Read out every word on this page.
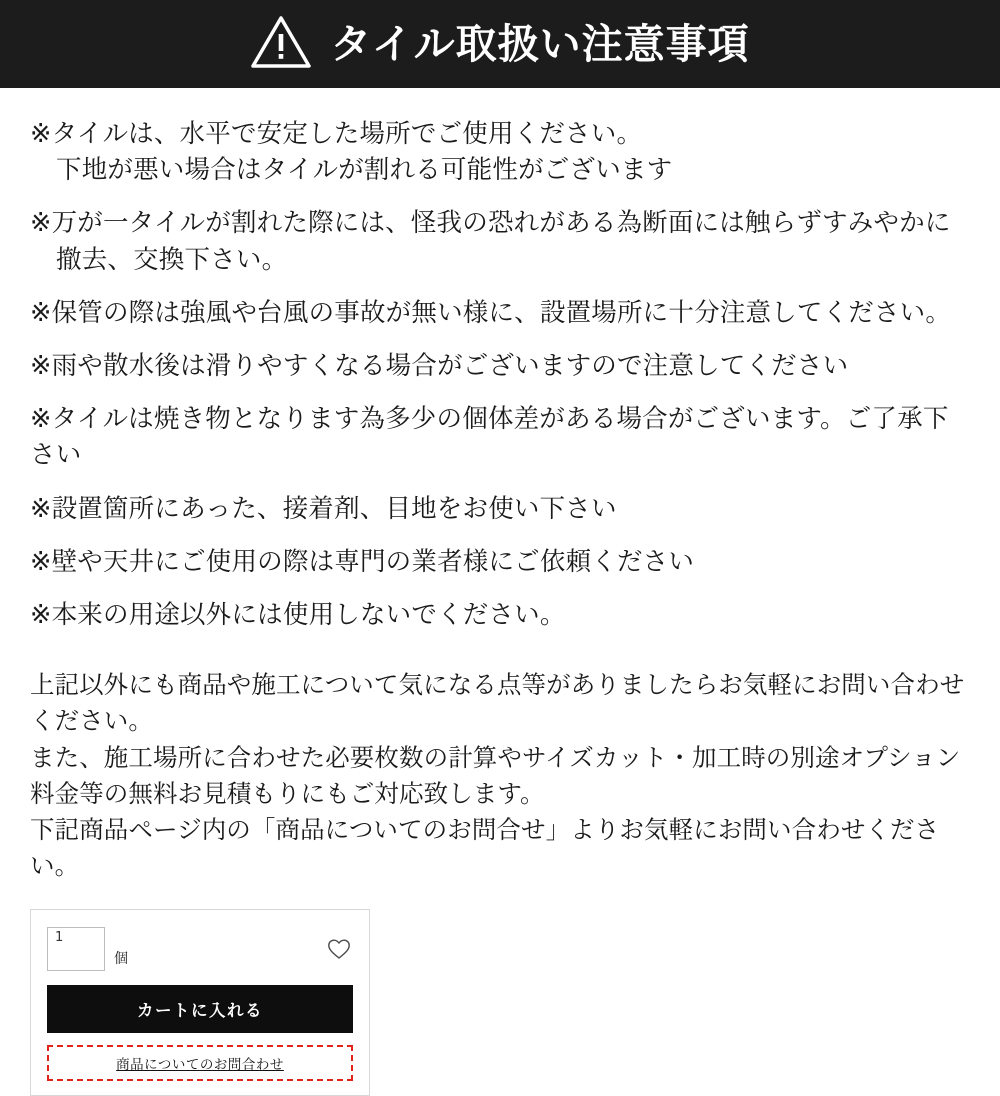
タイル取扱い注意事項
※タイルは、水平で安定した場所でご使用ください。
下地が悪い場合はタイルが割れる可能性がございます
※万が一タイルが割れた際には、怪我の恐れがある為断面には触らずすみやかに
撤去、交換下さい。
※保管の際は強風や台風の事故が無い様に、設置場所に十分注意してください。
※雨や散水後は滑りやすくなる場合がございますので注意してください
※タイルは焼き物となります為多少の個体差がある場合がございます。ご了承下さい
※設置箇所にあった、接着剤、目地をお使い下さい
※壁や天井にご使用の際は専門の業者様にご依頼ください
※本来の用途以外には使用しないでください。
上記以外にも商品や施工について気になる点等がありましたらお気軽にお問い合わせ
ください。
また、施工場所に合わせた必要枚数の計算やサイズカット・加工時の別途オプション
料金等の無料お見積もりにもご対応致します。
下記商品ページ内の「商品についてのお問合せ」よりお気軽にお問い合わせください。
1
個
カートに入れる
商品についてのお問合わせ
